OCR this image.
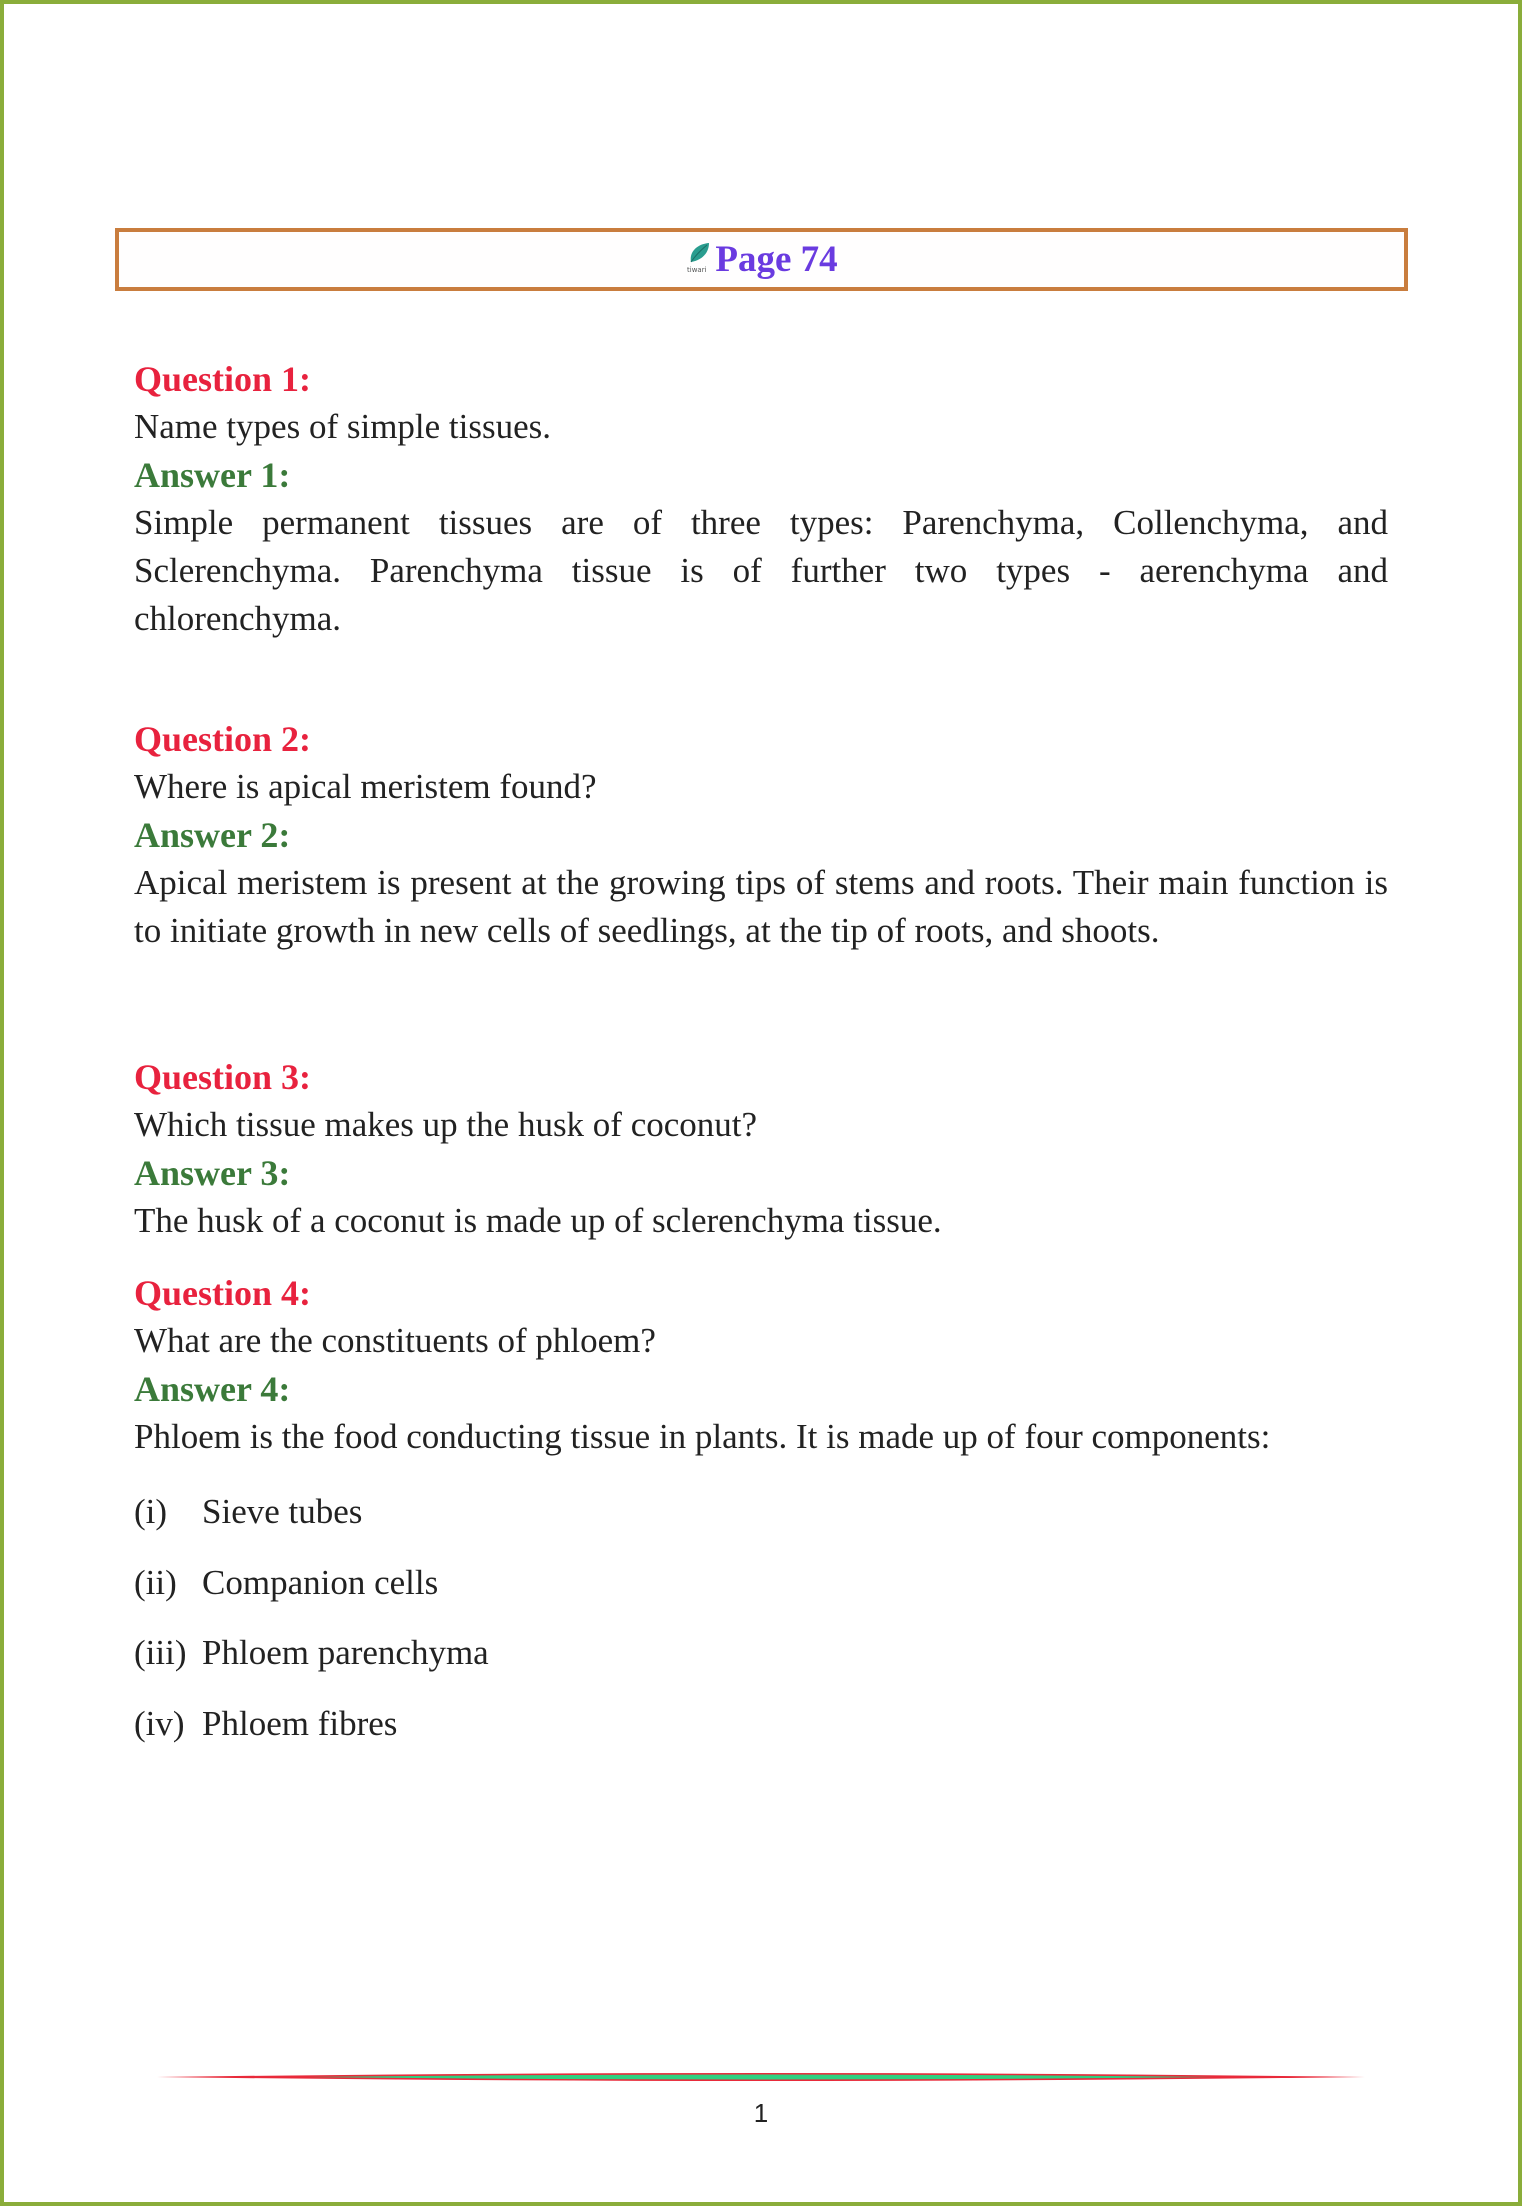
tiwari Page 74
Question 1:
Name types of simple tissues.
Answer 1:
Simple permanent tissues are of three types: Parenchyma, Collenchyma, and Sclerenchyma. Parenchyma tissue is of further two types - aerenchyma and chlorenchyma.
Question 2:
Where is apical meristem found?
Answer 2:
Apical meristem is present at the growing tips of stems and roots. Their main function is to initiate growth in new cells of seedlings, at the tip of roots, and shoots.
Question 3:
Which tissue makes up the husk of coconut?
Answer 3:
The husk of a coconut is made up of sclerenchyma tissue.
Question 4:
What are the constituents of phloem?
Answer 4:
Phloem is the food conducting tissue in plants. It is made up of four components:
(i) Sieve tubes
(ii) Companion cells
(iii) Phloem parenchyma
(iv) Phloem fibres
1
